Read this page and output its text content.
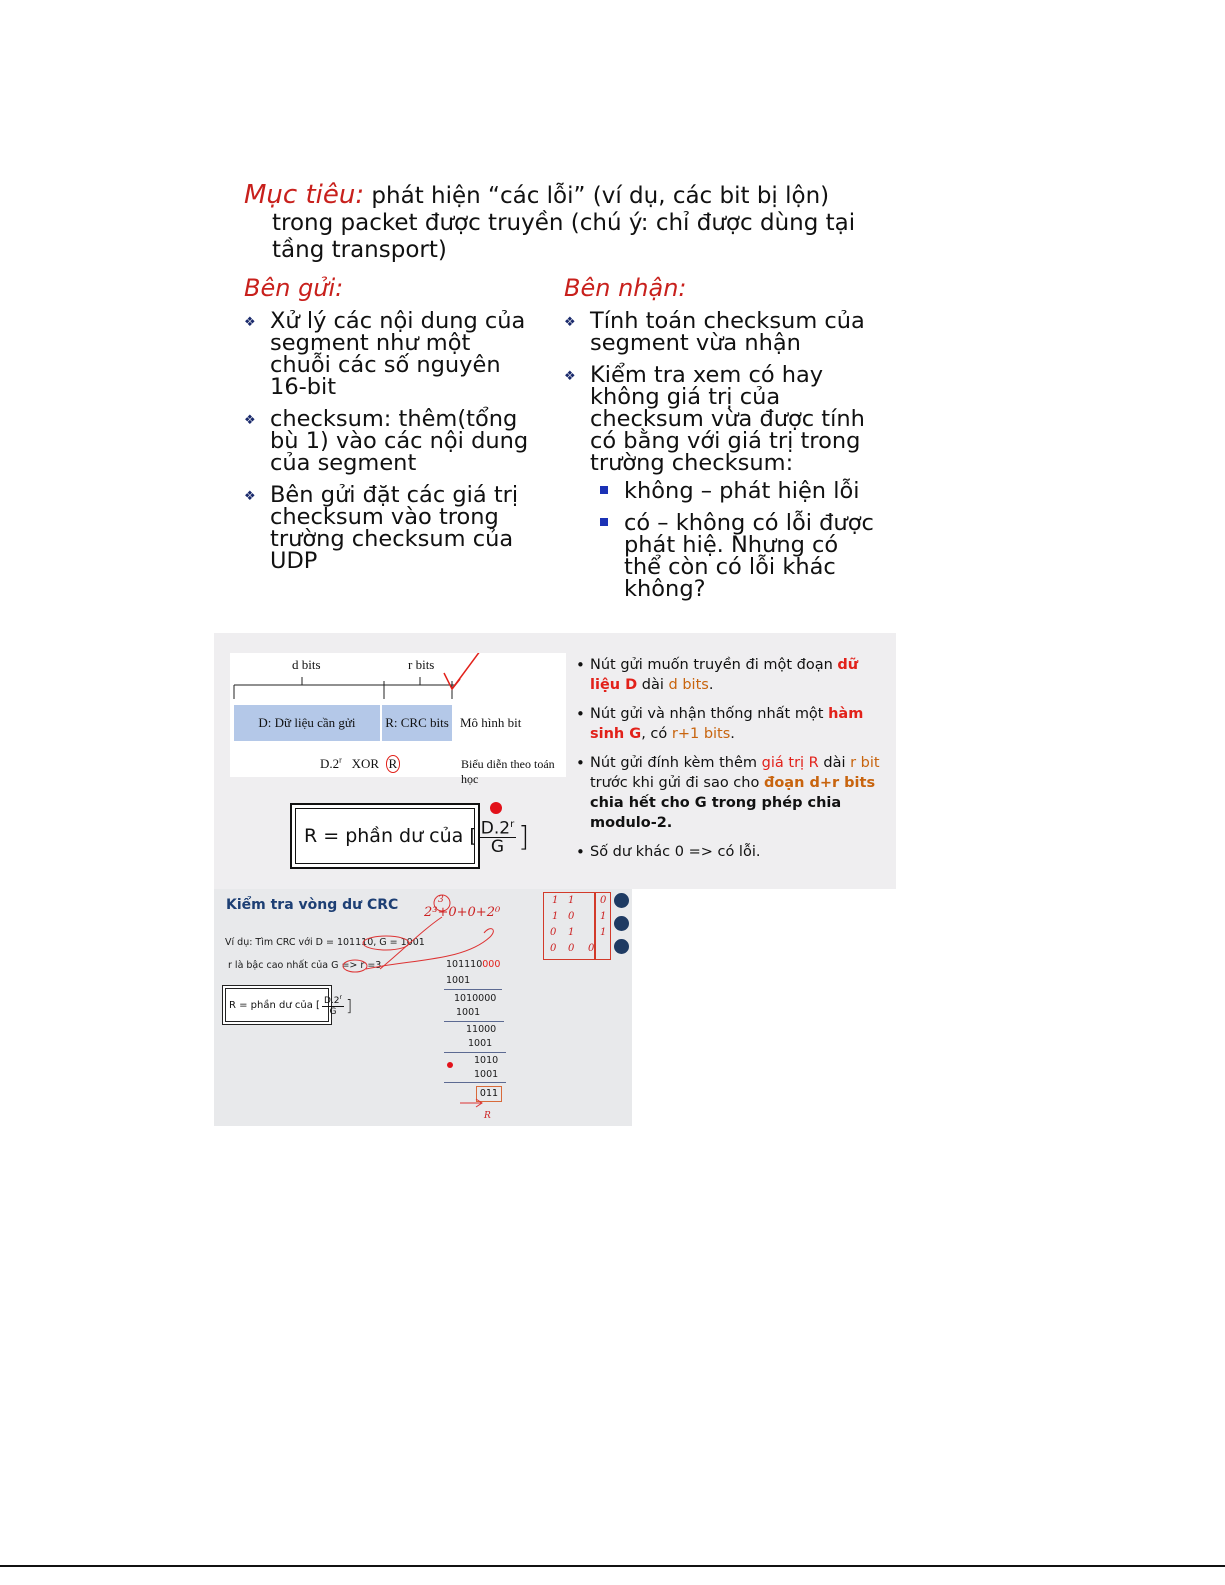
Mục tiêu: phát hiện “các lỗi” (ví dụ, các bit bị lộn)
trong packet được truyền (chú ý: chỉ được dùng tại
tầng transport)
Bên gửi:
❖ Xử lý các nội dung của segment như một chuỗi các số nguyên 16-bit
❖ checksum: thêm(tổng bù 1) vào các nội dung của segment
❖ Bên gửi đặt các giá trị checksum vào trong trường checksum của UDP
Bên nhận:
❖ Tính toán checksum của segment vừa nhận
❖ Kiểm tra xem có hay không giá trị của checksum vừa được tính có bằng với giá trị trong trường checksum:
không – phát hiện lỗi
có – không có lỗi được phát hiệ. Nhưng có thể còn có lỗi khác không?
d bits	r bits
D: Dữ liệu cần gửi R: CRC bits Mô hình bit
D.2$^r$ XOR R	Biểu diễn theo toán học
R = phần dư của [ $\frac{D.2^r}{G}$ ]
• Nút gửi muốn truyền đi một đoạn dữ liệu D dài d bits.
• Nút gửi và nhận thống nhất một hàm sinh G, có r+1 bits.
• Nút gửi đính kèm thêm giá trị R dài r bit trước khi gửi đi sao cho đoạn d+r bits chia hết cho G trong phép chia modulo-2.
• Số dư khác 0 => có lỗi.
Kiểm tra vòng dư CRC
Ví dụ: Tìm CRC với D = 101110, G = 1001
r là bậc cao nhất của G => r =3
R = phần dư của [ $\frac{D.2^r}{G}$ ]
101110000
1001
1010000
1001
11000
1001
1010
1001
011
3
2³+0+0+2⁰
R
1 1	0
1 0	1
0 1	1
0 0 0
